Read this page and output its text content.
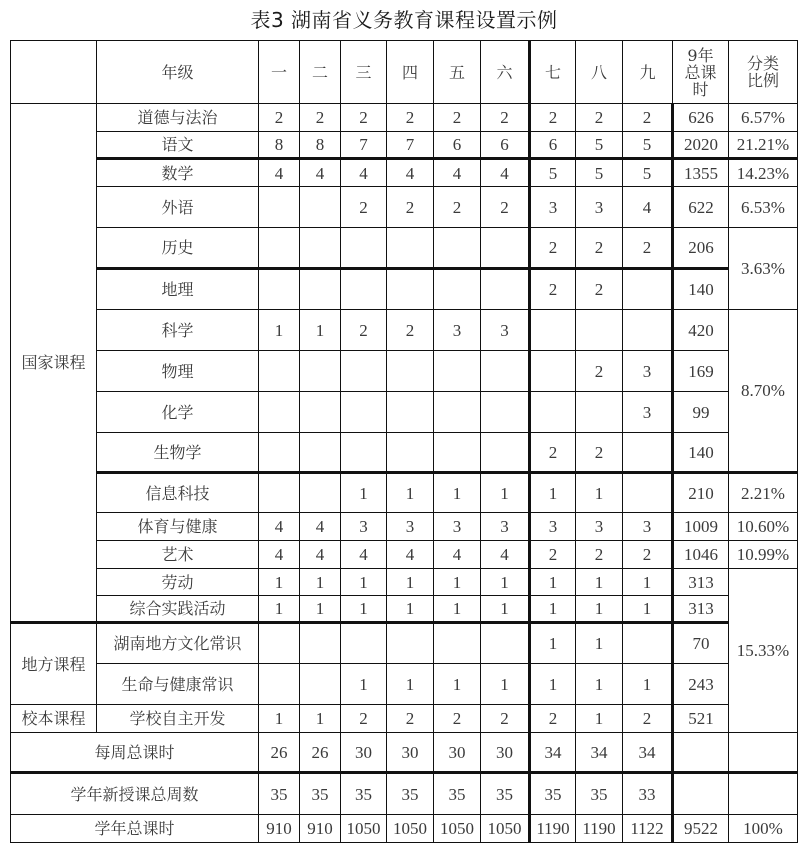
表3 湖南省义务教育课程设置示例
	年级	一	二	三	四	五	六	七	八	九	9年总课时	分类比例
国家课程	道德与法治	2	2	2	2	2	2	2	2	2	626	6.57%
	语文	8	8	7	7	6	6	6	5	5	2020	21.21%
	数学	4	4	4	4	4	4	5	5	5	1355	14.23%
	外语			2	2	2	2	3	3	4	622	6.53%
	历史							2	2	2	206	3.63%
	地理							2	2		140	
	科学	1	1	2	2	3	3				420	8.70%
	物理								2	3	169	
	化学									3	99	
	生物学							2	2		140	
	信息科技			1	1	1	1	1	1		210	2.21%
	体育与健康	4	4	3	3	3	3	3	3	3	1009	10.60%
	艺术	4	4	4	4	4	4	2	2	2	1046	10.99%
	劳动	1	1	1	1	1	1	1	1	1	313	15.33%
	综合实践活动	1	1	1	1	1	1	1	1	1	313	
地方课程	湖南地方文化常识							1	1		70	
	生命与健康常识			1	1	1	1	1	1	1	243	
校本课程	学校自主开发	1	1	2	2	2	2	2	1	2	521	
每周总课时		26	26	30	30	30	30	34	34	34		
学年新授课总周数		35	35	35	35	35	35	35	35	33		
学年总课时		910	910	1050	1050	1050	1050	1190	1190	1122	9522	100%
